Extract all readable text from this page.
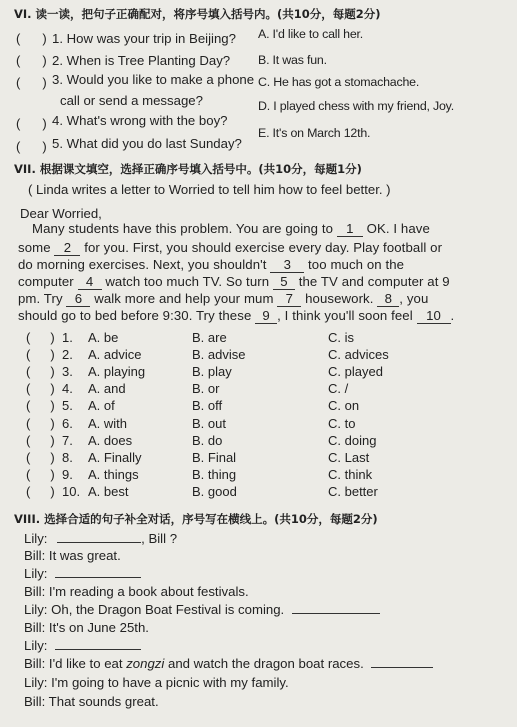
VI. 读一读，把句子正确配对，将序号填入括号内。(共10分，每题2分)
( ) 1. How was your trip in Beijing? A. I'd like to call her.
( ) 2. When is Tree Planting Day? B. It was fun.
( ) 3. Would you like to make a phone
call or send a message?
C. He has got a stomachache.
( ) 4. What's wrong with the boy?
D. I played chess with my friend, Joy.
( ) 5. What did you do last Sunday?
E. It's on March 12th.
VII. 根据课文填空，选择正确序号填入括号中。(共10分，每题1分)
( Linda writes a letter to Worried to tell him how to feel better. )
Dear Worried,
Many students have this problem. You are going to 1 OK. I have
some 2 for you. First, you should exercise every day. Play football or
do morning exercises. Next, you shouldn't 3 too much on the
computer 4 watch too much TV. So turn 5 the TV and computer at 9
pm. Try 6 walk more and help your mum 7 housework. 8 , you
should go to bed before 9:30. Try these 9 , I think you'll soon feel 10 .
( ) 1. A. be	B. are	C. is
( ) 2. A. advice	B. advise	C. advices
( ) 3. A. playing	B. play	C. played
( ) 4. A. and	B. or	C. /
( ) 5. A. of	B. off	C. on
( ) 6. A. with	B. out	C. to
( ) 7. A. does	B. do	C. doing
( ) 8. A. Finally	B. Final	C. Last
( ) 9. A. things	B. thing	C. think
( ) 10. A. best	B. good	C. better
VIII. 选择合适的句子补全对话，序号写在横线上。(共10分，每题2分)
Lily:	, Bill ?
Bill: It was great.
Lily:
Bill: I'm reading a book about festivals.
Lily: Oh, the Dragon Boat Festival is coming.
Bill: It's on June 25th.
Lily:
Bill: I'd like to eat zongzi and watch the dragon boat races.
Lily: I'm going to have a picnic with my family.
Bill: That sounds great.
